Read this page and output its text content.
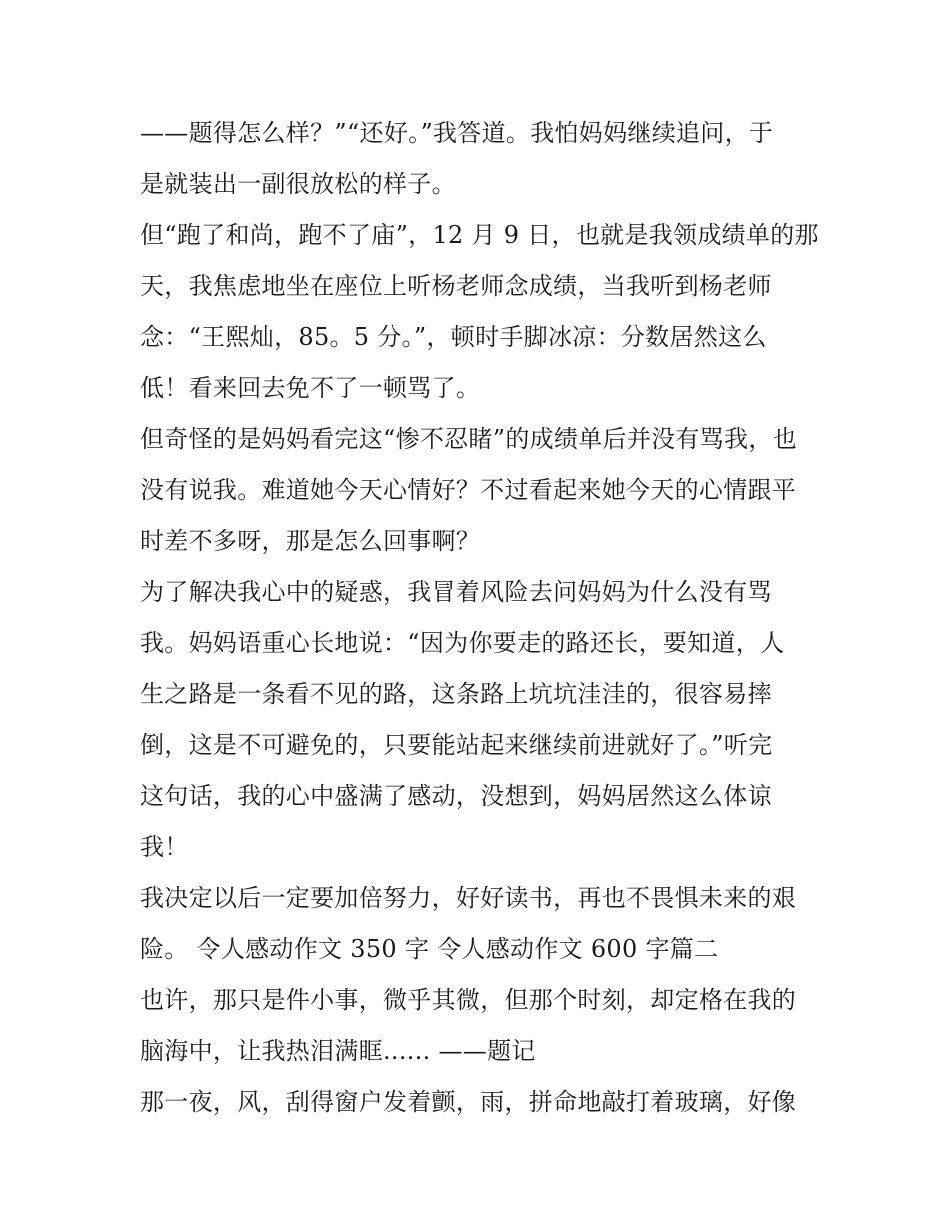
——题得怎么样？”“还好。”我答道。我怕妈妈继续追问，于
是就装出一副很放松的样子。
但“跑了和尚，跑不了庙”，12 月 9 日，也就是我领成绩单的那
天，我焦虑地坐在座位上听杨老师念成绩，当我听到杨老师
念：“王熙灿，85。5 分。”，顿时手脚冰凉：分数居然这么
低！看来回去免不了一顿骂了。
但奇怪的是妈妈看完这“惨不忍睹”的成绩单后并没有骂我，也
没有说我。难道她今天心情好？不过看起来她今天的心情跟平
时差不多呀，那是怎么回事啊？
为了解决我心中的疑惑，我冒着风险去问妈妈为什么没有骂
我。妈妈语重心长地说：“因为你要走的路还长，要知道，人
生之路是一条看不见的路，这条路上坑坑洼洼的，很容易摔
倒，这是不可避免的，只要能站起来继续前进就好了。”听完
这句话，我的心中盛满了感动，没想到，妈妈居然这么体谅
我！
我决定以后一定要加倍努力，好好读书，再也不畏惧未来的艰
险。 令人感动作文 350 字 令人感动作文 600 字篇二
也许，那只是件小事，微乎其微，但那个时刻，却定格在我的
脑海中，让我热泪满眶...... ——题记
那一夜，风，刮得窗户发着颤，雨，拼命地敲打着玻璃，好像
